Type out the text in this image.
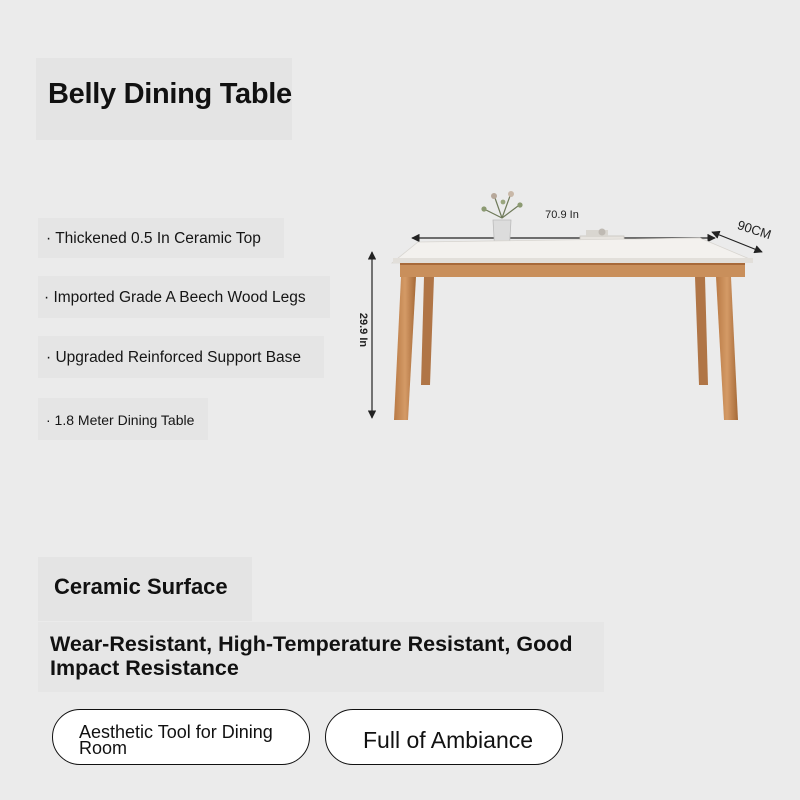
Belly Dining Table
· Thickened 0.5 In Ceramic Top
· Imported Grade A Beech Wood Legs
· Upgraded Reinforced Support Base
· 1.8 Meter Dining Table
70.9 In
90CM
29.9 In
Ceramic Surface
Wear-Resistant, High-Temperature Resistant, Good Impact Resistance
Aesthetic Tool for Dining Room	Full of Ambiance
